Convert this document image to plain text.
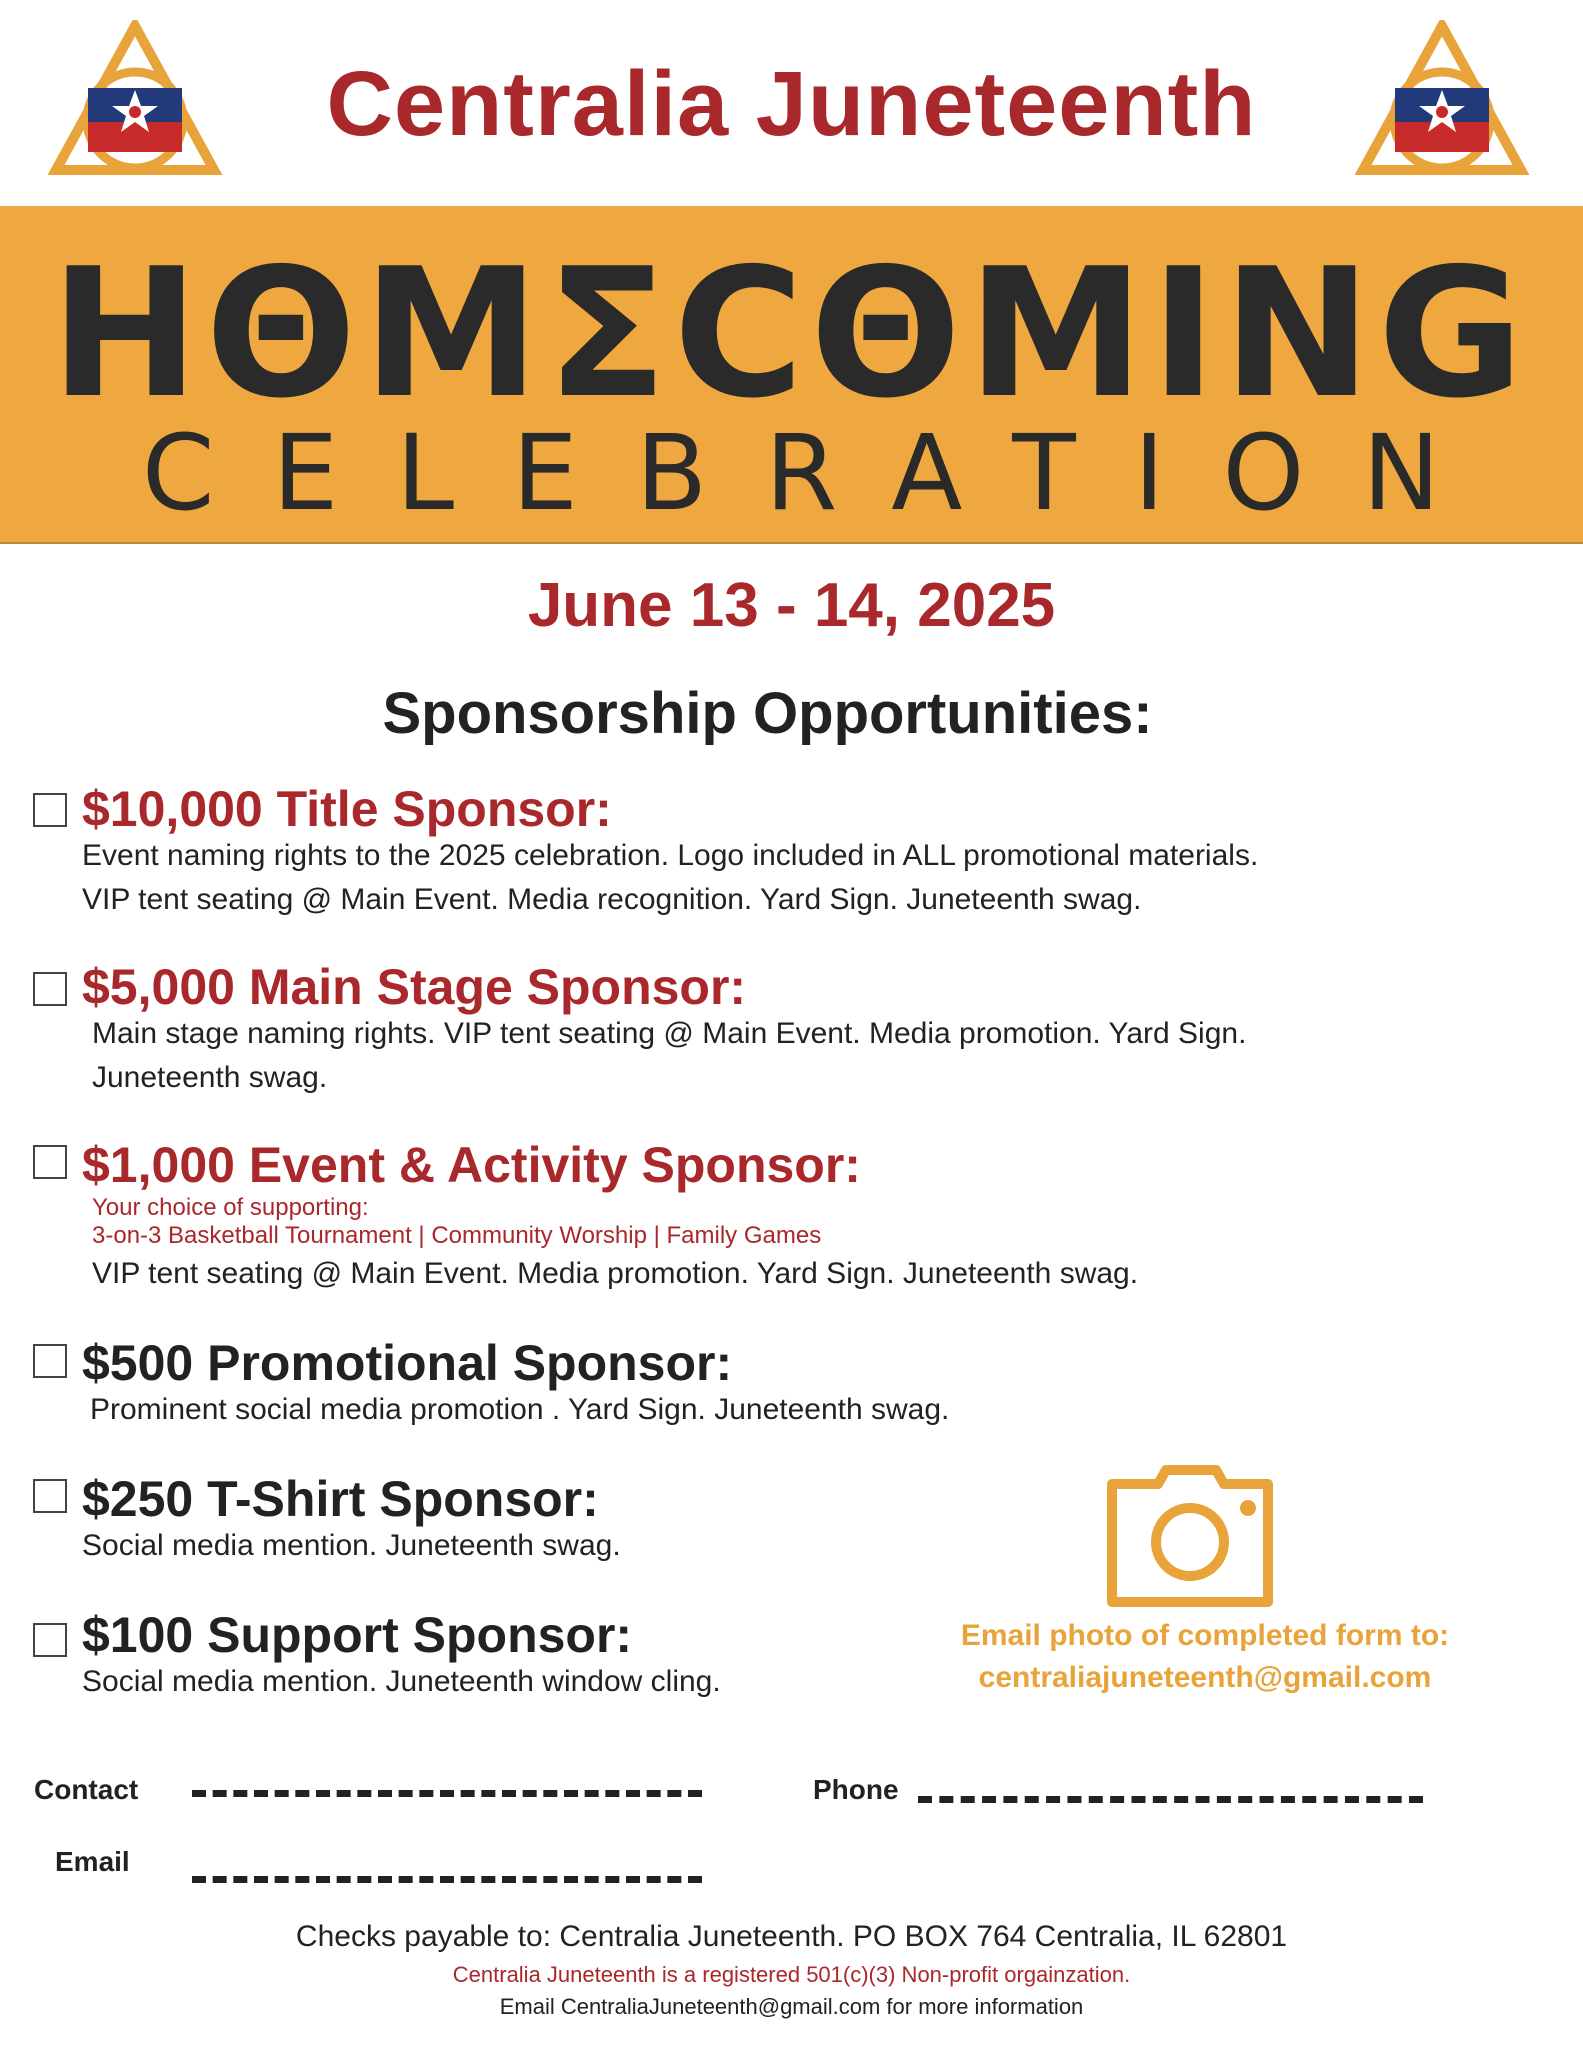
Centralia Juneteenth
HΘMΣCΘMING
CELEBRATION
June 13 - 14, 2025
Sponsorship Opportunities:
$10,000 Title Sponsor:
Event naming rights to the 2025 celebration. Logo included in ALL promotional materials.
VIP tent seating @ Main Event. Media recognition. Yard Sign. Juneteenth swag.
$5,000 Main Stage Sponsor:
Main stage naming rights. VIP tent seating @ Main Event. Media promotion. Yard Sign.
Juneteenth swag.
$1,000 Event & Activity Sponsor:
Your choice of supporting:
3-on-3 Basketball Tournament | Community Worship | Family Games
VIP tent seating @ Main Event. Media promotion. Yard Sign. Juneteenth swag.
$500 Promotional Sponsor:
Prominent social media promotion . Yard Sign. Juneteenth swag.
$250 T-Shirt Sponsor:
Social media mention. Juneteenth swag.
$100 Support Sponsor:
Social media mention. Juneteenth window cling.
Email photo of completed form to:
centraliajuneteenth@gmail.com
Contact	Phone
Email
Checks payable to: Centralia Juneteenth. PO BOX 764 Centralia, IL 62801
Centralia Juneteenth is a registered 501(c)(3) Non-profit orgainzation.
Email CentraliaJuneteenth@gmail.com for more information
